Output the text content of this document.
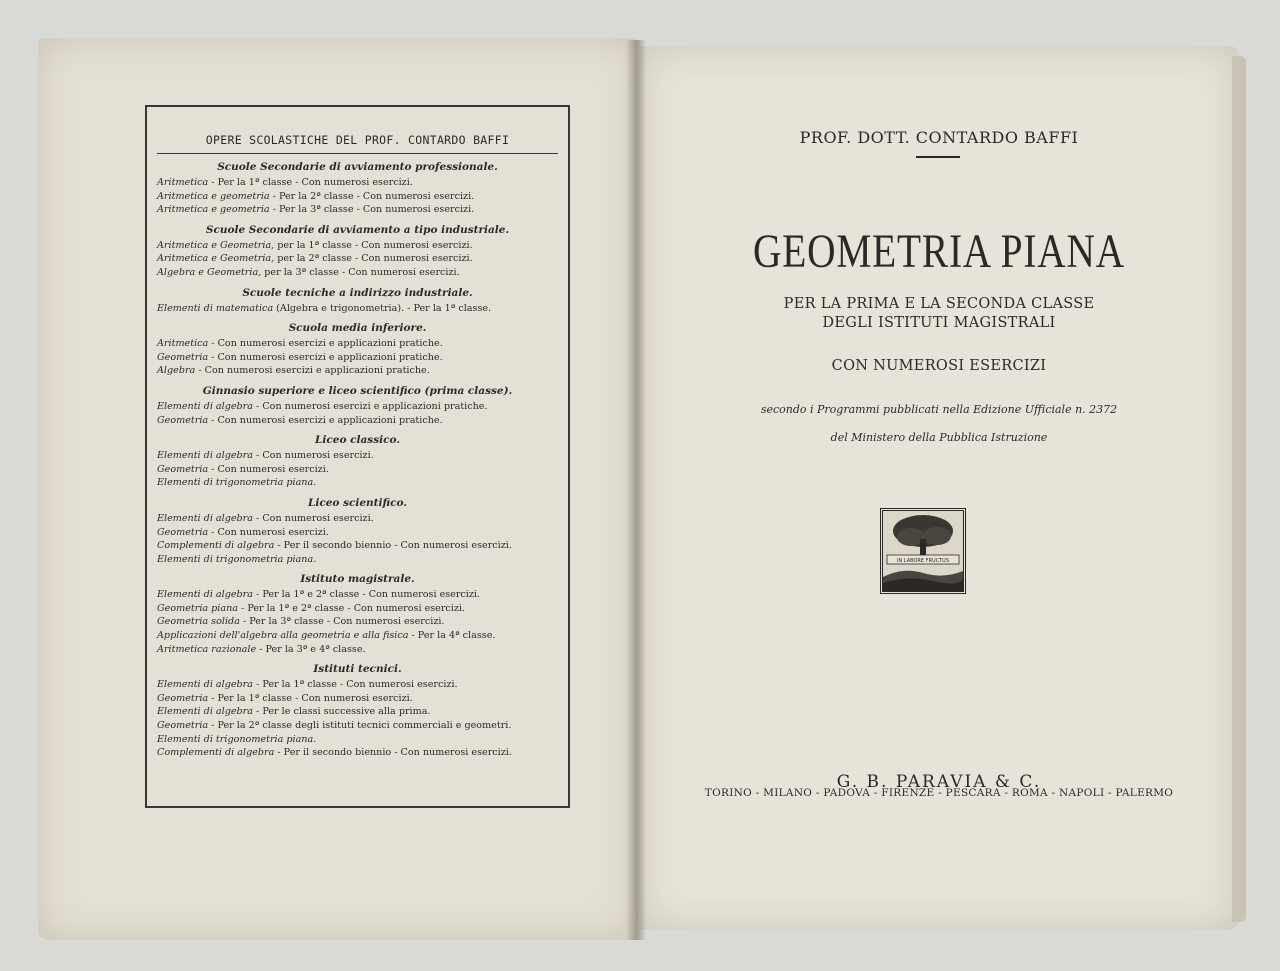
OPERE SCOLASTICHE DEL PROF. CONTARDO BAFFI
Scuole Secondarie di avviamento professionale.
Aritmetica - Per la 1ª classe - Con numerosi esercizi.
Aritmetica e geometria - Per la 2ª classe - Con numerosi esercizi.
Aritmetica e geometria - Per la 3ª classe - Con numerosi esercizi.
Scuole Secondarie di avviamento a tipo industriale.
Aritmetica e Geometria, per la 1ª classe - Con numerosi esercizi.
Aritmetica e Geometria, per la 2ª classe - Con numerosi esercizi.
Algebra e Geometria, per la 3ª classe - Con numerosi esercizi.
Scuole tecniche a indirizzo industriale.
Elementi di matematica (Algebra e trigonometria). - Per la 1ª classe.
Scuola media inferiore.
Aritmetica - Con numerosi esercizi e applicazioni pratiche.
Geometria - Con numerosi esercizi e applicazioni pratiche.
Algebra - Con numerosi esercizi e applicazioni pratiche.
Ginnasio superiore e liceo scientifico (prima classe).
Elementi di algebra - Con numerosi esercizi e applicazioni pratiche.
Geometria - Con numerosi esercizi e applicazioni pratiche.
Liceo classico.
Elementi di algebra - Con numerosi esercizi.
Geometria - Con numerosi esercizi.
Elementi di trigonometria piana.
Liceo scientifico.
Elementi di algebra - Con numerosi esercizi.
Geometria - Con numerosi esercizi.
Complementi di algebra - Per il secondo biennio - Con numerosi esercizi.
Elementi di trigonometria piana.
Istituto magistrale.
Elementi di algebra - Per la 1ª e 2ª classe - Con numerosi esercizi.
Geometria piana - Per la 1ª e 2ª classe - Con numerosi esercizi.
Geometria solida - Per la 3ª classe - Con numerosi esercizi.
Applicazioni dell'algebra alla geometria e alla fisica - Per la 4ª classe.
Aritmetica razionale - Per la 3ª e 4ª classe.
Istituti tecnici.
Elementi di algebra - Per la 1ª classe - Con numerosi esercizi.
Geometria - Per la 1ª classe - Con numerosi esercizi.
Elementi di algebra - Per le classi successive alla prima.
Geometria - Per la 2ª classe degli istituti tecnici commerciali e geometri.
Elementi di trigonometria piana.
Complementi di algebra - Per il secondo biennio - Con numerosi esercizi.
PROF. DOTT. CONTARDO BAFFI
GEOMETRIA PIANA
PER LA PRIMA E LA SECONDA CLASSE
DEGLI ISTITUTI MAGISTRALI
CON NUMEROSI ESERCIZI
secondo i Programmi pubblicati nella Edizione Ufficiale n. 2372
del Ministero della Pubblica Istruzione
IN LABORE FRUCTUS
G. B. PARAVIA & C.
TORINO - MILANO - PADOVA - FIRENZE - PESCARA - ROMA - NAPOLI - PALERMO
